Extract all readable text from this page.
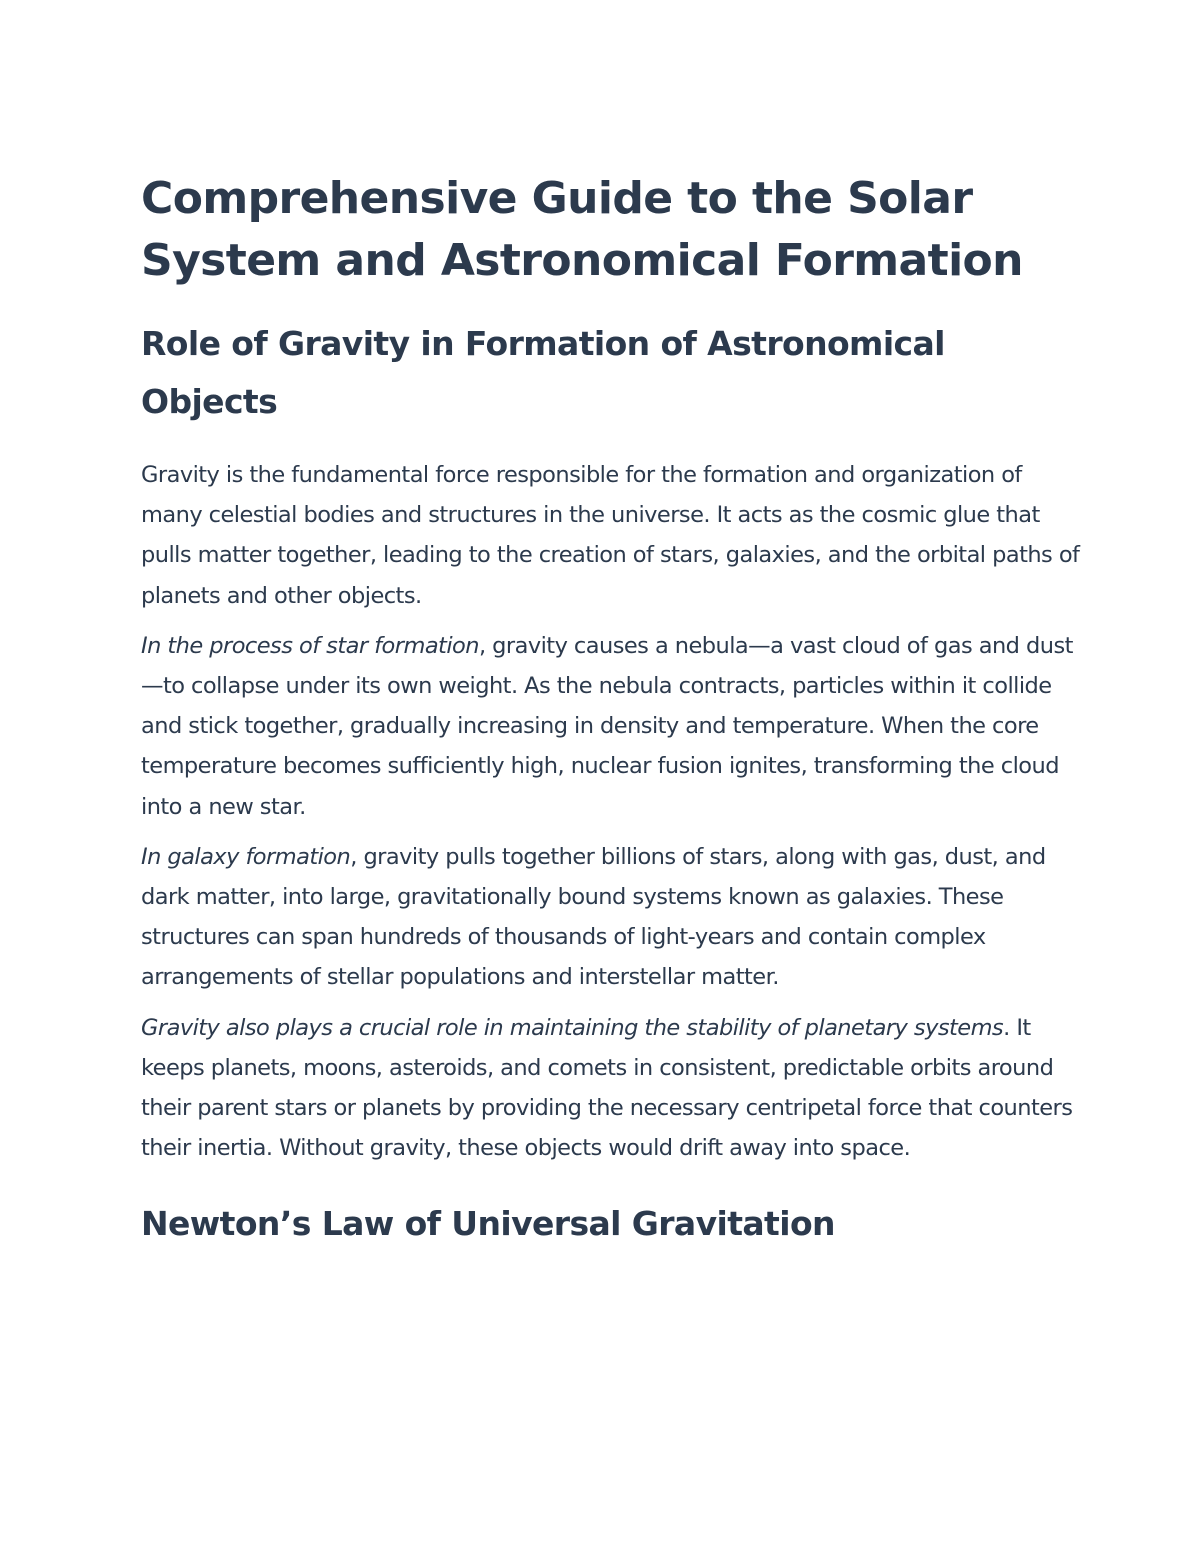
Comprehensive Guide to the Solar System and Astronomical Formation
Role of Gravity in Formation of Astronomical Objects

Gravity is the fundamental force responsible for the formation and organization of many celestial bodies and structures in the universe. It acts as the cosmic glue that pulls matter together, leading to the creation of stars, galaxies, and the orbital paths of planets and other objects.

In the process of star formation, gravity causes a nebula—a vast cloud of gas and dust—to collapse under its own weight. As the nebula contracts, particles within it collide and stick together, gradually increasing in density and temperature. When the core temperature becomes sufficiently high, nuclear fusion ignites, transforming the cloud into a new star.

In galaxy formation, gravity pulls together billions of stars, along with gas, dust, and dark matter, into large, gravitationally bound systems known as galaxies. These structures can span hundreds of thousands of light-years and contain complex arrangements of stellar populations and interstellar matter.

Gravity also plays a crucial role in maintaining the stability of planetary systems. It keeps planets, moons, asteroids, and comets in consistent, predictable orbits around their parent stars or planets by providing the necessary centripetal force that counters their inertia. Without gravity, these objects would drift away into space.

Newton’s Law of Universal Gravitation
